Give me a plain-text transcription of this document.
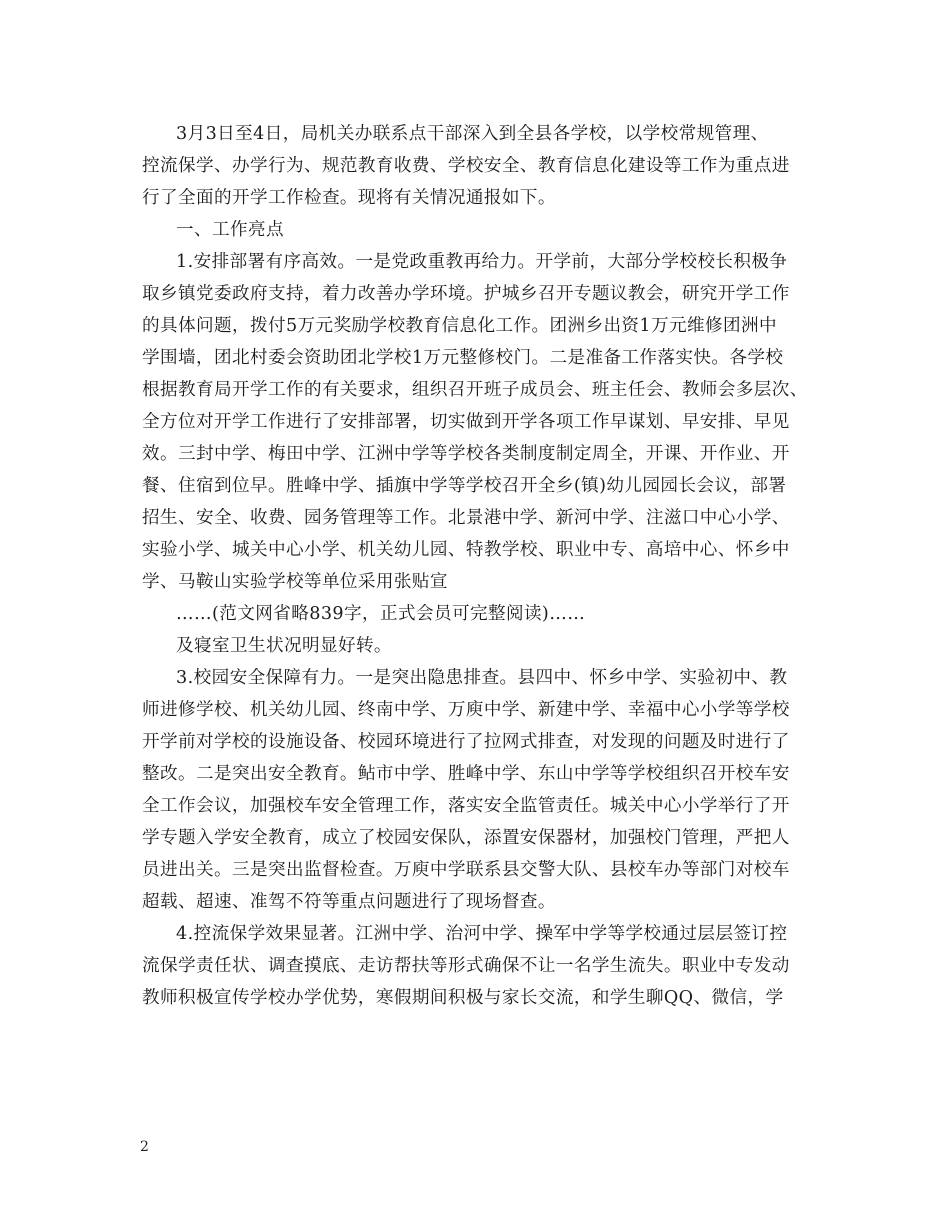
3月3日至4日，局机关办联系点干部深入到全县各学校，以学校常规管理、
控流保学、办学行为、规范教育收费、学校安全、教育信息化建设等工作为重点进
行了全面的开学工作检查。现将有关情况通报如下。
一、工作亮点
1.安排部署有序高效。一是党政重教再给力。开学前，大部分学校校长积极争
取乡镇党委政府支持，着力改善办学环境。护城乡召开专题议教会，研究开学工作
的具体问题，拨付5万元奖励学校教育信息化工作。团洲乡出资1万元维修团洲中
学围墙，团北村委会资助团北学校1万元整修校门。二是准备工作落实快。各学校
根据教育局开学工作的有关要求，组织召开班子成员会、班主任会、教师会多层次、
全方位对开学工作进行了安排部署，切实做到开学各项工作早谋划、早安排、早见
效。三封中学、梅田中学、江洲中学等学校各类制度制定周全，开课、开作业、开
餐、住宿到位早。胜峰中学、插旗中学等学校召开全乡(镇)幼儿园园长会议，部署
招生、安全、收费、园务管理等工作。北景港中学、新河中学、注滋口中心小学、
实验小学、城关中心小学、机关幼儿园、特教学校、职业中专、高培中心、怀乡中
学、马鞍山实验学校等单位采用张贴宣
……(范文网省略839字，正式会员可完整阅读)……
及寝室卫生状况明显好转。
3.校园安全保障有力。一是突出隐患排查。县四中、怀乡中学、实验初中、教
师进修学校、机关幼儿园、终南中学、万庾中学、新建中学、幸福中心小学等学校
开学前对学校的设施设备、校园环境进行了拉网式排查，对发现的问题及时进行了
整改。二是突出安全教育。鲇市中学、胜峰中学、东山中学等学校组织召开校车安
全工作会议，加强校车安全管理工作，落实安全监管责任。城关中心小学举行了开
学专题入学安全教育，成立了校园安保队，添置安保器材，加强校门管理，严把人
员进出关。三是突出监督检查。万庾中学联系县交警大队、县校车办等部门对校车
超载、超速、准驾不符等重点问题进行了现场督查。
4.控流保学效果显著。江洲中学、治河中学、操军中学等学校通过层层签订控
流保学责任状、调查摸底、走访帮扶等形式确保不让一名学生流失。职业中专发动
教师积极宣传学校办学优势，寒假期间积极与家长交流，和学生聊QQ、微信，学
2
